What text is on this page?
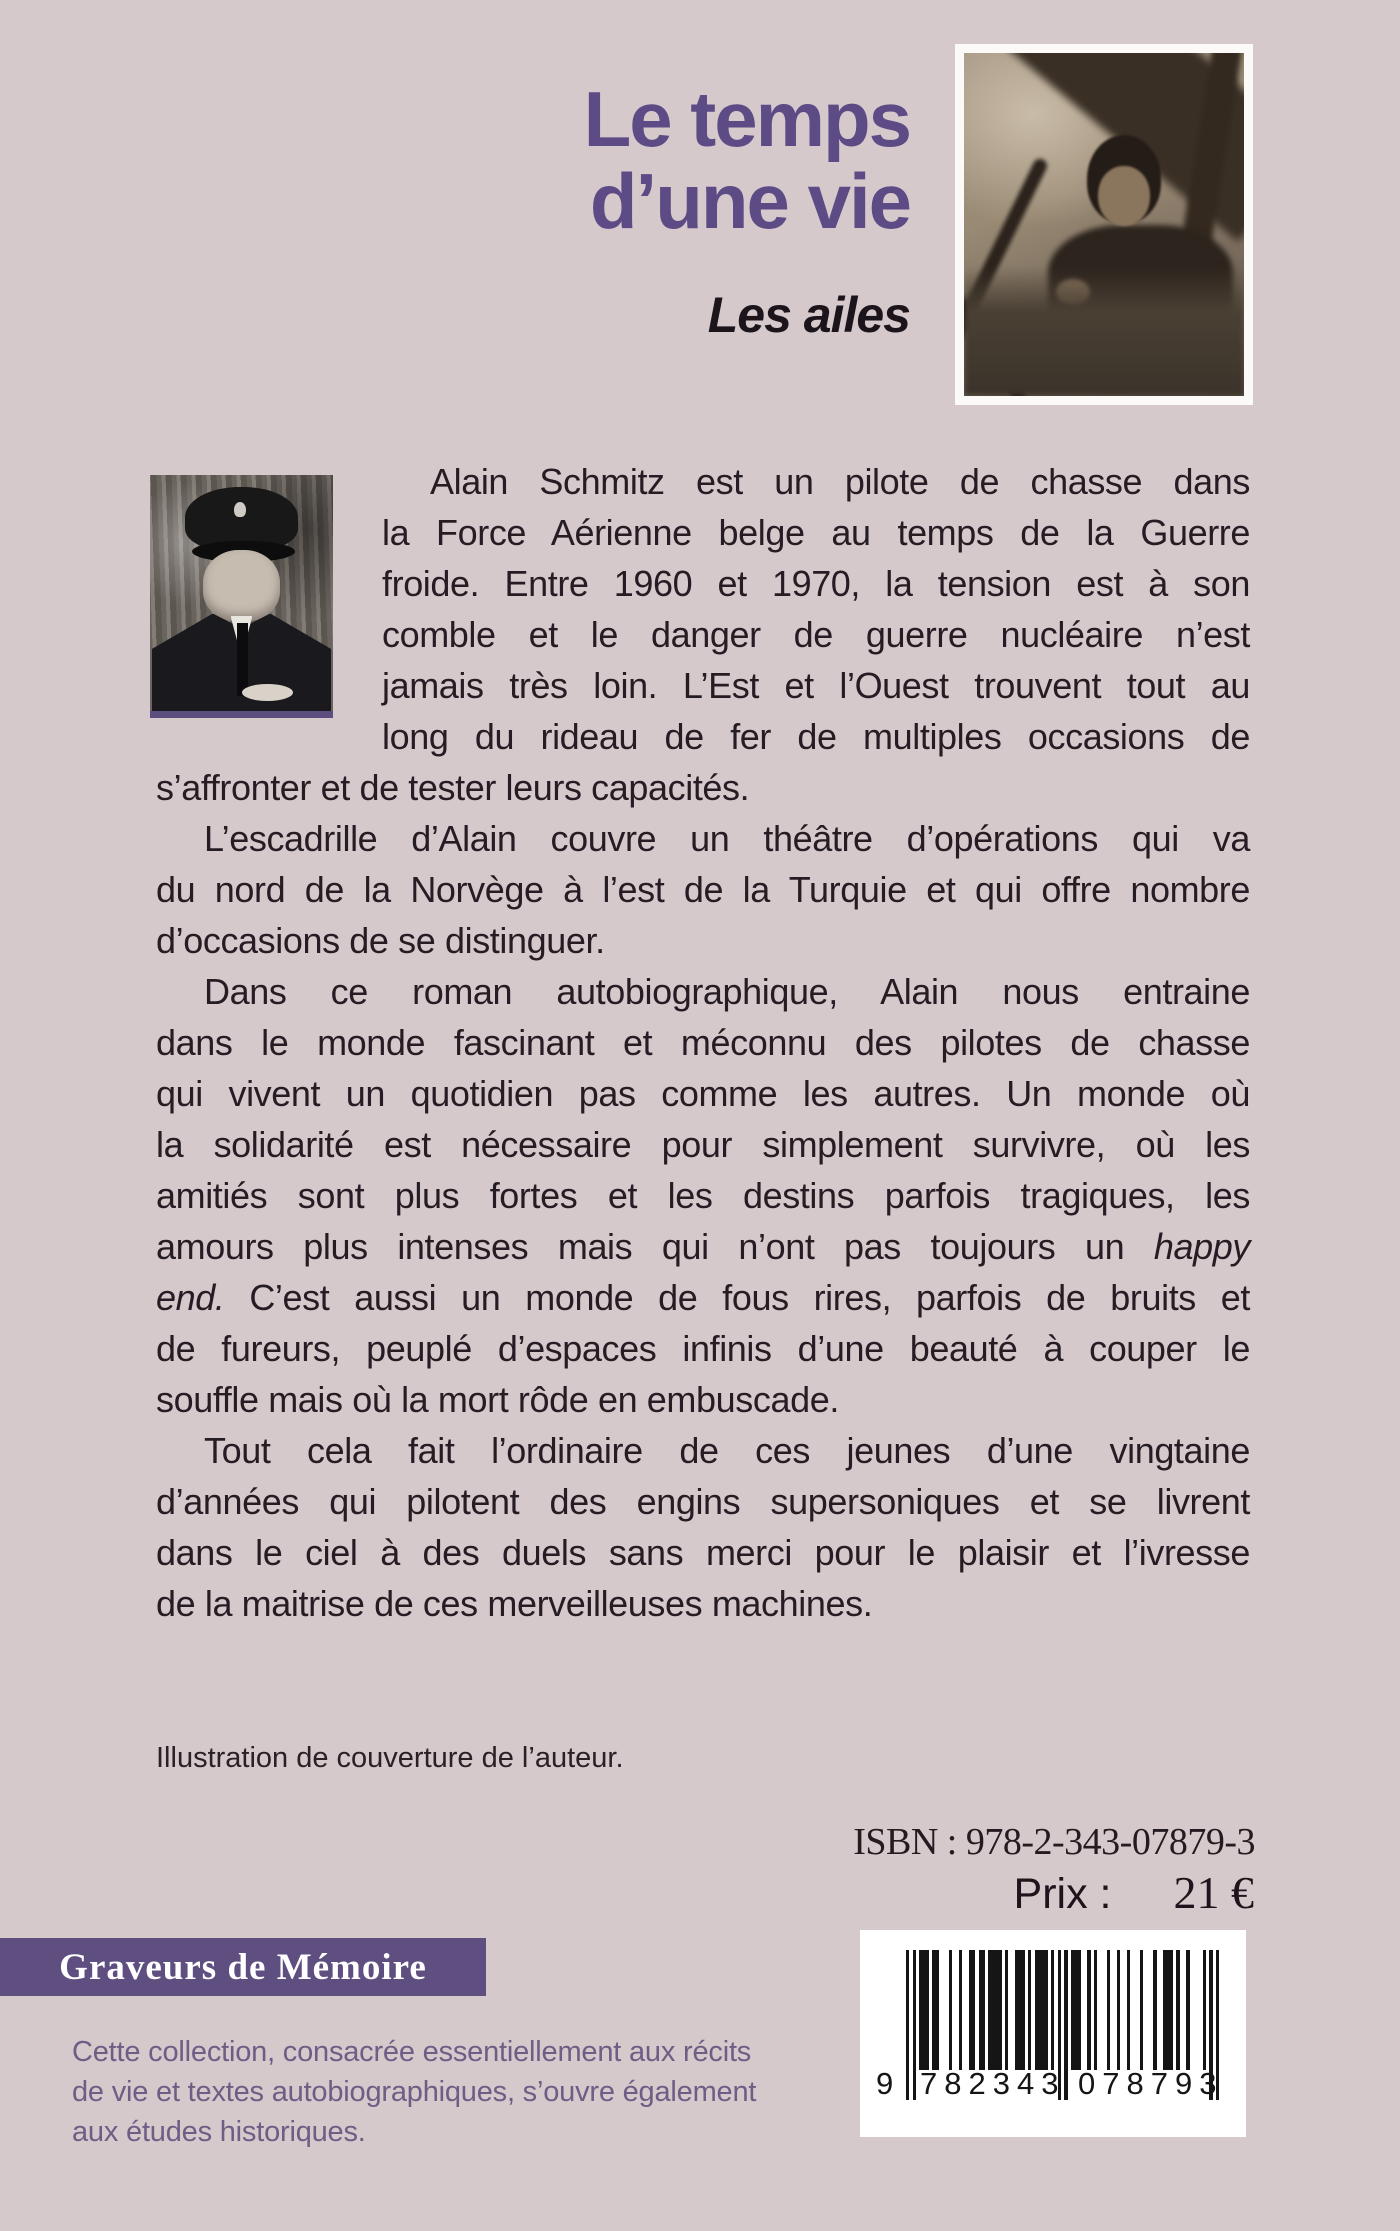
Le temps
d’une vie
Les ailes
Alain Schmitz est un pilote de chasse dans
la Force Aérienne belge au temps de la Guerre
froide. Entre 1960 et 1970, la tension est à son
comble et le danger de guerre nucléaire n’est
jamais très loin. L’Est et l’Ouest trouvent tout au
long du rideau de fer de multiples occasions de
s’affronter et de tester leurs capacités.
L’escadrille d’Alain couvre un théâtre d’opérations qui va
du nord de la Norvège à l’est de la Turquie et qui offre nombre
d’occasions de se distinguer.
Dans ce roman autobiographique, Alain nous entraine
dans le monde fascinant et méconnu des pilotes de chasse
qui vivent un quotidien pas comme les autres. Un monde où
la solidarité est nécessaire pour simplement survivre, où les
amitiés sont plus fortes et les destins parfois tragiques, les
amours plus intenses mais qui n’ont pas toujours un happy
end. C’est aussi un monde de fous rires, parfois de bruits et
de fureurs, peuplé d’espaces infinis d’une beauté à couper le
souffle mais où la mort rôde en embuscade.
Tout cela fait l’ordinaire de ces jeunes d’une vingtaine
d’années qui pilotent des engins supersoniques et se livrent
dans le ciel à des duels sans merci pour le plaisir et l’ivresse
de la maitrise de ces merveilleuses machines.
Illustration de couverture de l’auteur.
ISBN : 978-2-343-07879-3
Prix : 21 €
Graveurs de Mémoire
Cette collection, consacrée essentiellement aux récits
de vie et textes autobiographiques, s’ouvre également
aux études historiques.
9 782343 078793
